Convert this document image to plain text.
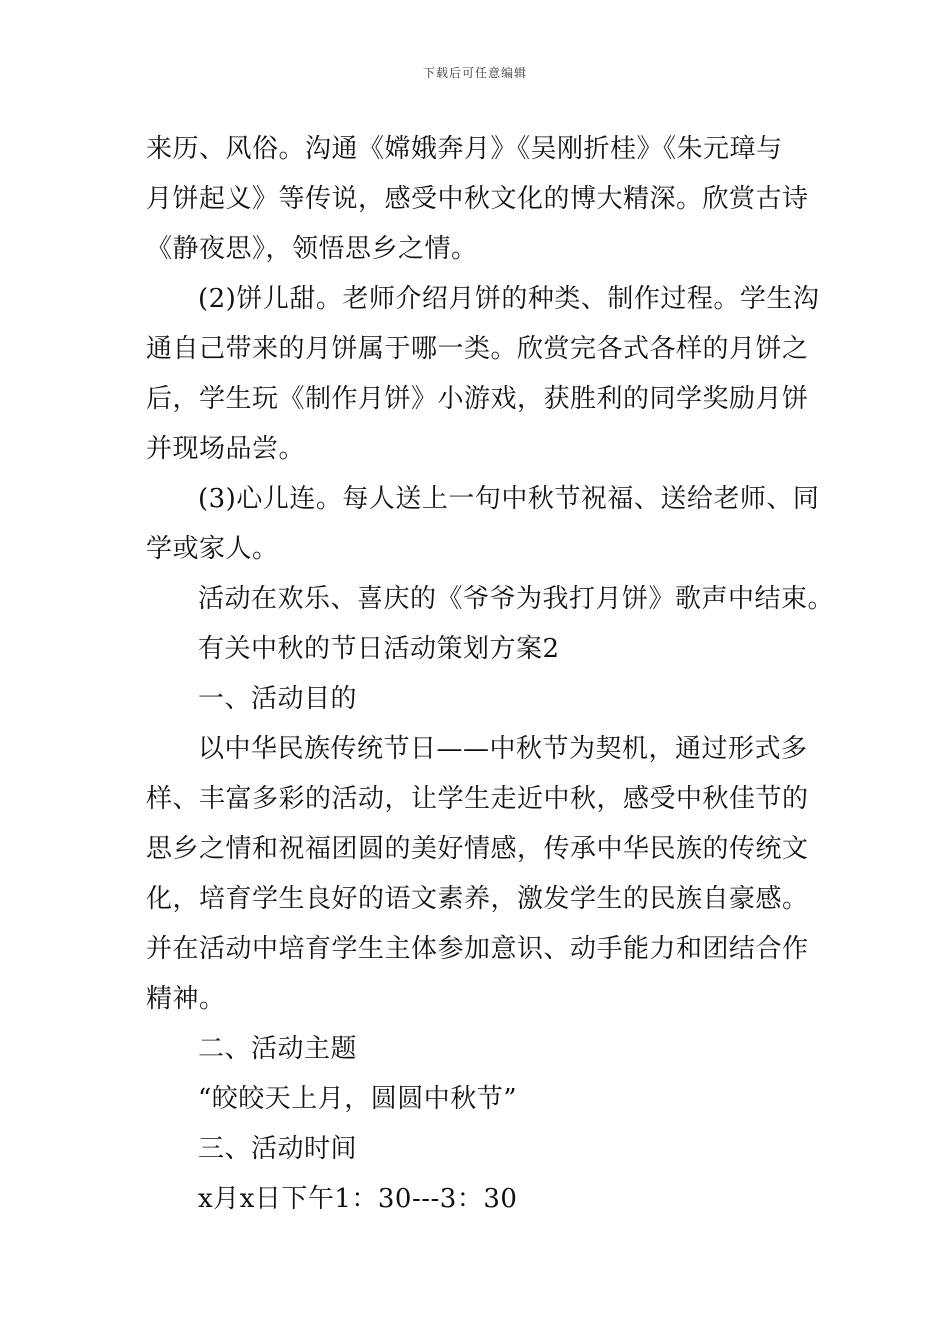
下载后可任意编辑
来历、风俗。沟通《嫦娥奔月》《吴刚折桂》《朱元璋与
月饼起义》等传说，感受中秋文化的博大精深。欣赏古诗
《静夜思》，领悟思乡之情。
(2)饼儿甜。老师介绍月饼的种类、制作过程。学生沟
通自己带来的月饼属于哪一类。欣赏完各式各样的月饼之
后，学生玩《制作月饼》小游戏，获胜利的同学奖励月饼
并现场品尝。
(3)心儿连。每人送上一句中秋节祝福、送给老师、同
学或家人。
活动在欢乐、喜庆的《爷爷为我打月饼》歌声中结束。
有关中秋的节日活动策划方案2
一、活动目的
以中华民族传统节日——中秋节为契机，通过形式多
样、丰富多彩的活动，让学生走近中秋，感受中秋佳节的
思乡之情和祝福团圆的美好情感，传承中华民族的传统文
化，培育学生良好的语文素养，激发学生的民族自豪感。
并在活动中培育学生主体参加意识、动手能力和团结合作
精神。
二、活动主题
“皎皎天上月，圆圆中秋节”
三、活动时间
x月x日下午1：30---3：30
